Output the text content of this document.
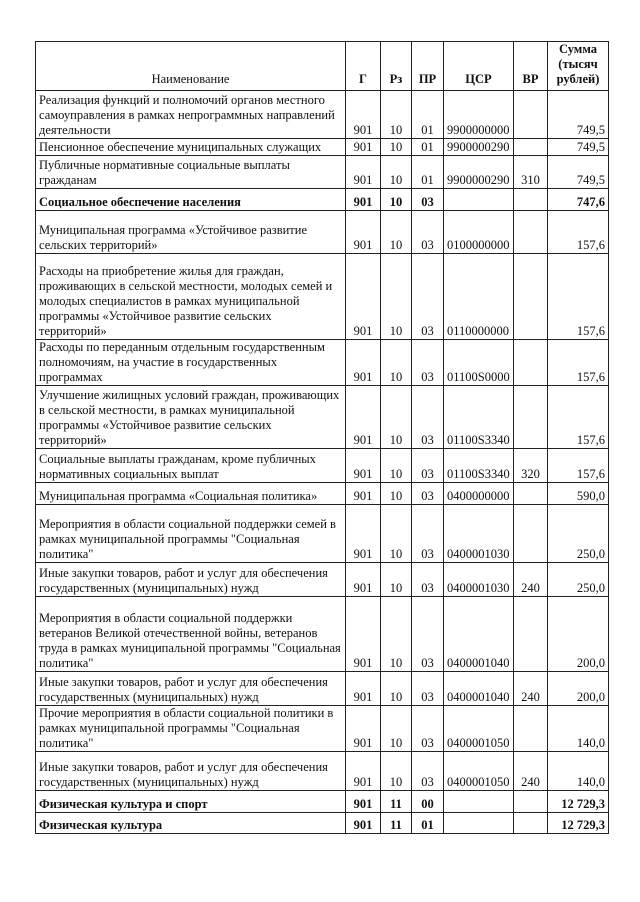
Наименование	Г	Рз	ПР	ЦСР	ВР	Сумма (тысяч рублей)
Реализация функций и полномочий органов местного самоуправления в рамках непрограммных направлений деятельности	901	10	01	9900000000		749,5
Пенсионное обеспечение муниципальных служащих	901	10	01	9900000290		749,5
Публичные нормативные социальные выплаты гражданам	901	10	01	9900000290	310	749,5
Социальное обеспечение населения	901	10	03			747,6
Муниципальная программа «Устойчивое развитие сельских территорий»	901	10	03	0100000000		157,6
Расходы на приобретение жилья для граждан, проживающих в сельской местности, молодых семей и молодых специалистов в рамках муниципальной программы «Устойчивое развитие сельских территорий»	901	10	03	0110000000		157,6
Расходы по переданным отдельным государственным полномочиям, на участие в государственных программах	901	10	03	01100S0000		157,6
Улучшение жилищных условий граждан, проживающих в сельской местности, в рамках муниципальной программы «Устойчивое развитие сельских территорий»	901	10	03	01100S3340		157,6
Социальные выплаты гражданам, кроме публичных нормативных социальных выплат	901	10	03	01100S3340	320	157,6
Муниципальная программа «Социальная политика»	901	10	03	0400000000		590,0
Мероприятия в области социальной поддержки семей в рамках муниципальной программы "Социальная политика"	901	10	03	0400001030		250,0
Иные закупки товаров, работ и услуг для обеспечения государственных (муниципальных) нужд	901	10	03	0400001030	240	250,0
Мероприятия в области социальной поддержки ветеранов Великой отечественной войны, ветеранов труда в рамках муниципальной программы "Социальная политика"	901	10	03	0400001040		200,0
Иные закупки товаров, работ и услуг для обеспечения государственных (муниципальных) нужд	901	10	03	0400001040	240	200,0
Прочие мероприятия в области социальной политики в рамках муниципальной программы "Социальная политика"	901	10	03	0400001050		140,0
Иные закупки товаров, работ и услуг для обеспечения государственных (муниципальных) нужд	901	10	03	0400001050	240	140,0
Физическая культура и спорт	901	11	00			12 729,3
Физическая культура	901	11	01			12 729,3
